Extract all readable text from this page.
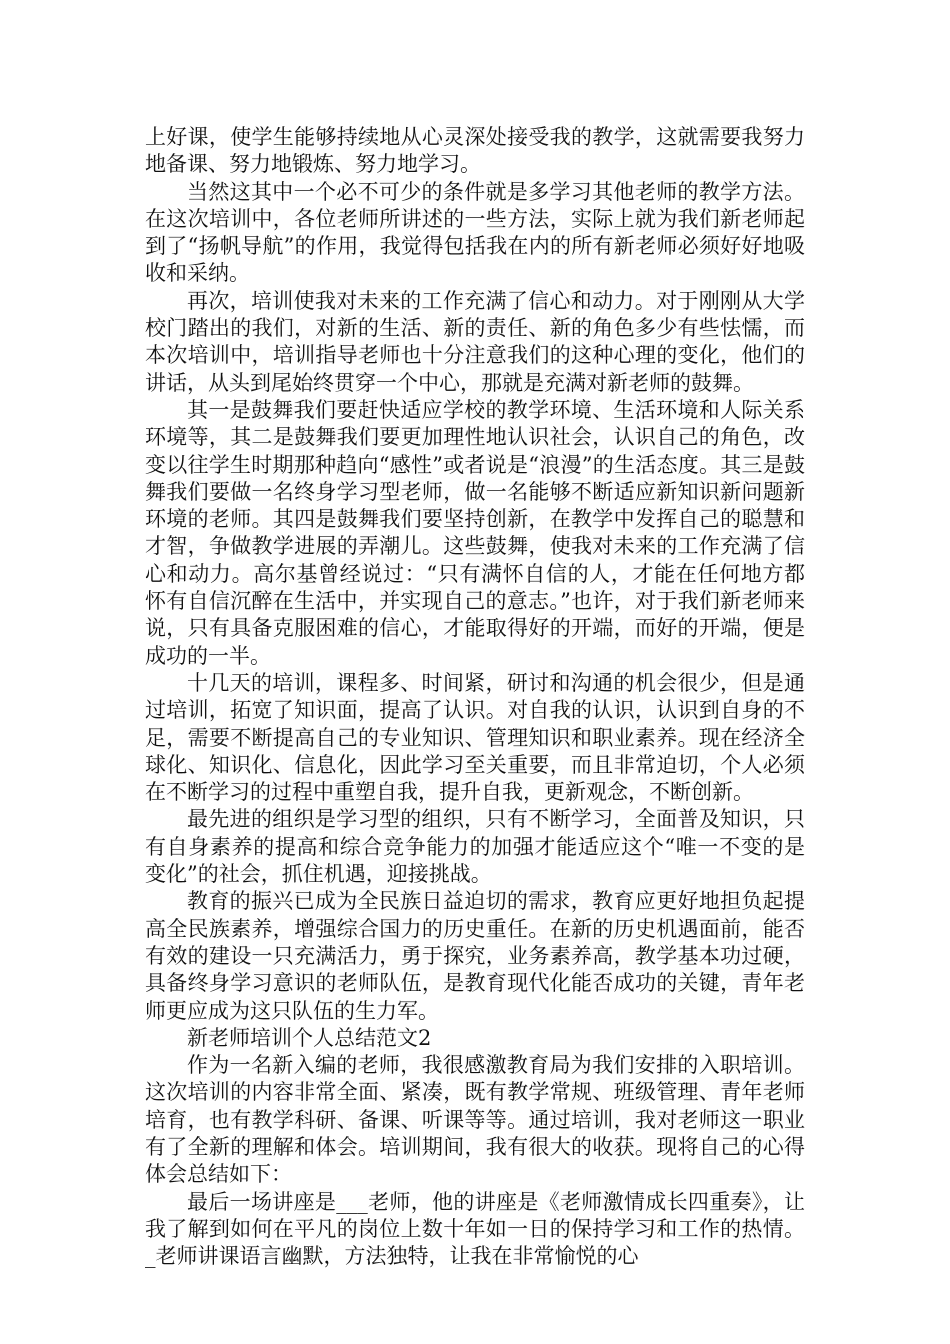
上好课，使学生能够持续地从心灵深处接受我的教学，这就需要我努力地备课、努力地锻炼、努力地学习。

当然这其中一个必不可少的条件就是多学习其他老师的教学方法。在这次培训中，各位老师所讲述的一些方法，实际上就为我们新老师起到了“扬帆导航”的作用，我觉得包括我在内的所有新老师必须好好地吸收和采纳。

再次，培训使我对未来的工作充满了信心和动力。对于刚刚从大学校门踏出的我们，对新的生活、新的责任、新的角色多少有些怯懦，而本次培训中，培训指导老师也十分注意我们的这种心理的变化，他们的讲话，从头到尾始终贯穿一个中心，那就是充满对新老师的鼓舞。

其一是鼓舞我们要赶快适应学校的教学环境、生活环境和人际关系环境等，其二是鼓舞我们要更加理性地认识社会，认识自己的角色，改变以往学生时期那种趋向“感性”或者说是“浪漫”的生活态度。其三是鼓舞我们要做一名终身学习型老师，做一名能够不断适应新知识新问题新环境的老师。其四是鼓舞我们要坚持创新，在教学中发挥自己的聪慧和才智，争做教学进展的弄潮儿。这些鼓舞，使我对未来的工作充满了信心和动力。高尔基曾经说过：“只有满怀自信的人，才能在任何地方都怀有自信沉醉在生活中，并实现自己的意志。”也许，对于我们新老师来说，只有具备克服困难的信心，才能取得好的开端，而好的开端，便是成功的一半。

十几天的培训，课程多、时间紧，研讨和沟通的机会很少，但是通过培训，拓宽了知识面，提高了认识。对自我的认识，认识到自身的不足，需要不断提高自己的专业知识、管理知识和职业素养。现在经济全球化、知识化、信息化，因此学习至关重要，而且非常迫切，个人必须在不断学习的过程中重塑自我，提升自我，更新观念，不断创新。

最先进的组织是学习型的组织，只有不断学习，全面普及知识，只有自身素养的提高和综合竞争能力的加强才能适应这个“唯一不变的是变化”的社会，抓住机遇，迎接挑战。

教育的振兴已成为全民族日益迫切的需求，教育应更好地担负起提高全民族素养，增强综合国力的历史重任。在新的历史机遇面前，能否有效的建设一只充满活力，勇于探究，业务素养高，教学基本功过硬，具备终身学习意识的老师队伍，是教育现代化能否成功的关键，青年老师更应成为这只队伍的生力军。

新老师培训个人总结范文2

作为一名新入编的老师，我很感激教育局为我们安排的入职培训。这次培训的内容非常全面、紧凑，既有教学常规、班级管理、青年老师培育，也有教学科研、备课、听课等等。通过培训，我对老师这一职业有了全新的理解和体会。培训期间，我有很大的收获。现将自己的心得体会总结如下：

最后一场讲座是___老师，他的讲座是《老师激情成长四重奏》，让我了解到如何在平凡的岗位上数十年如一日的保持学习和工作的热情。_老师讲课语言幽默，方法独特，让我在非常愉悦的心
